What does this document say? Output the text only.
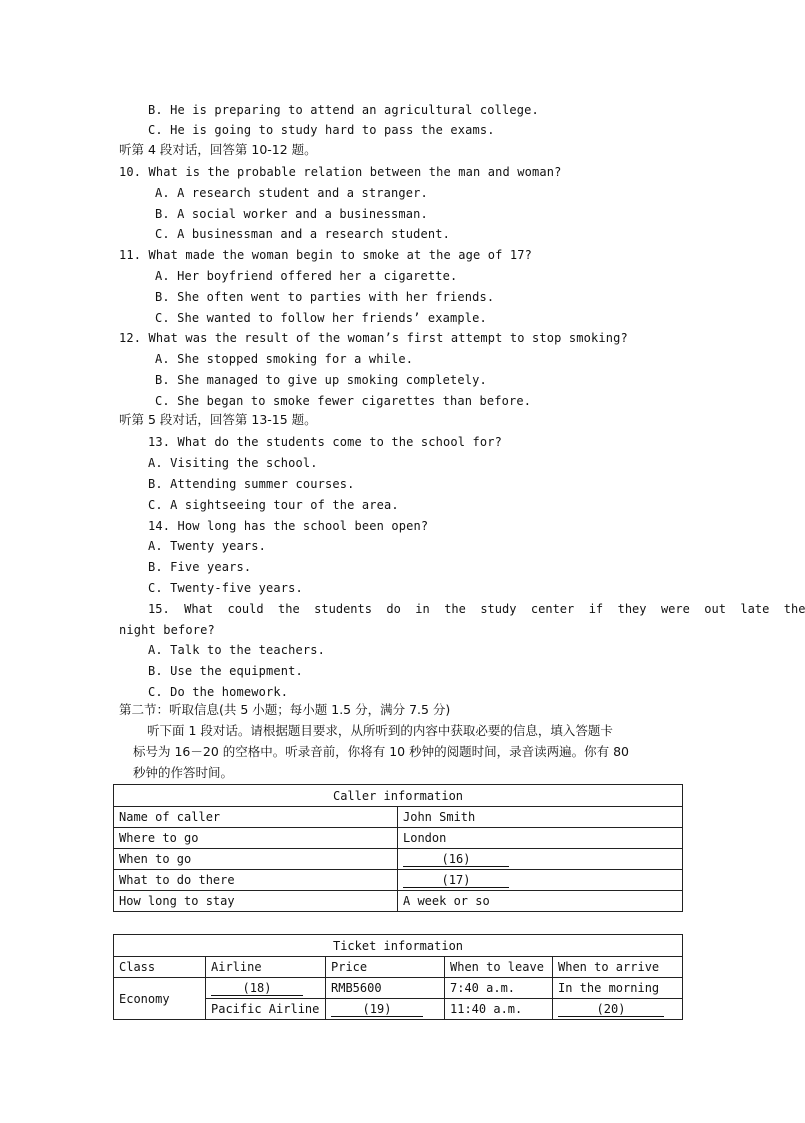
B. He is preparing to attend an agricultural college.
C. He is going to study hard to pass the exams.
听第 4 段对话，回答第 10-12 题。
10. What is the probable relation between the man and woman?
A. A research student and a stranger.
B. A social worker and a businessman.
C. A businessman and a research student.
11. What made the woman begin to smoke at the age of 17?
A. Her boyfriend offered her a cigarette.
B. She often went to parties with her friends.
C. She wanted to follow her friends’ example.
12. What was the result of the woman’s first attempt to stop smoking?
A. She stopped smoking for a while.
B. She managed to give up smoking completely.
C. She began to smoke fewer cigarettes than before.
听第 5 段对话，回答第 13-15 题。
13. What do the students come to the school for?
A. Visiting the school.
B. Attending summer courses.
C. A sightseeing tour of the area.
14. How long has the school been open?
A. Twenty years.
B. Five years.
C. Twenty-five years.
15.  What  could  the  students  do  in  the  study  center  if  they  were  out  late  the
night before?
A. Talk to the teachers.
B. Use the equipment.
C. Do the homework.
第二节：听取信息(共 5 小题；每小题 1.5 分，满分 7.5 分)
听下面 1 段对话。请根据题目要求，从所听到的内容中获取必要的信息，填入答题卡
标号为 16－20 的空格中。听录音前，你将有 10 秒钟的阅题时间，录音读两遍。你有 80
秒钟的作答时间。
Caller information	
Name of caller	John Smith
Where to go	London
When to go	(16)
What to do there	(17)
How long to stay	A week or so
Ticket information				
Class	Airline	Price	When to leave	When to arrive
Economy	(18)	RMB5600	7:40 a.m.	In the morning
	Pacific Airline	(19)	11:40 a.m.	(20)
